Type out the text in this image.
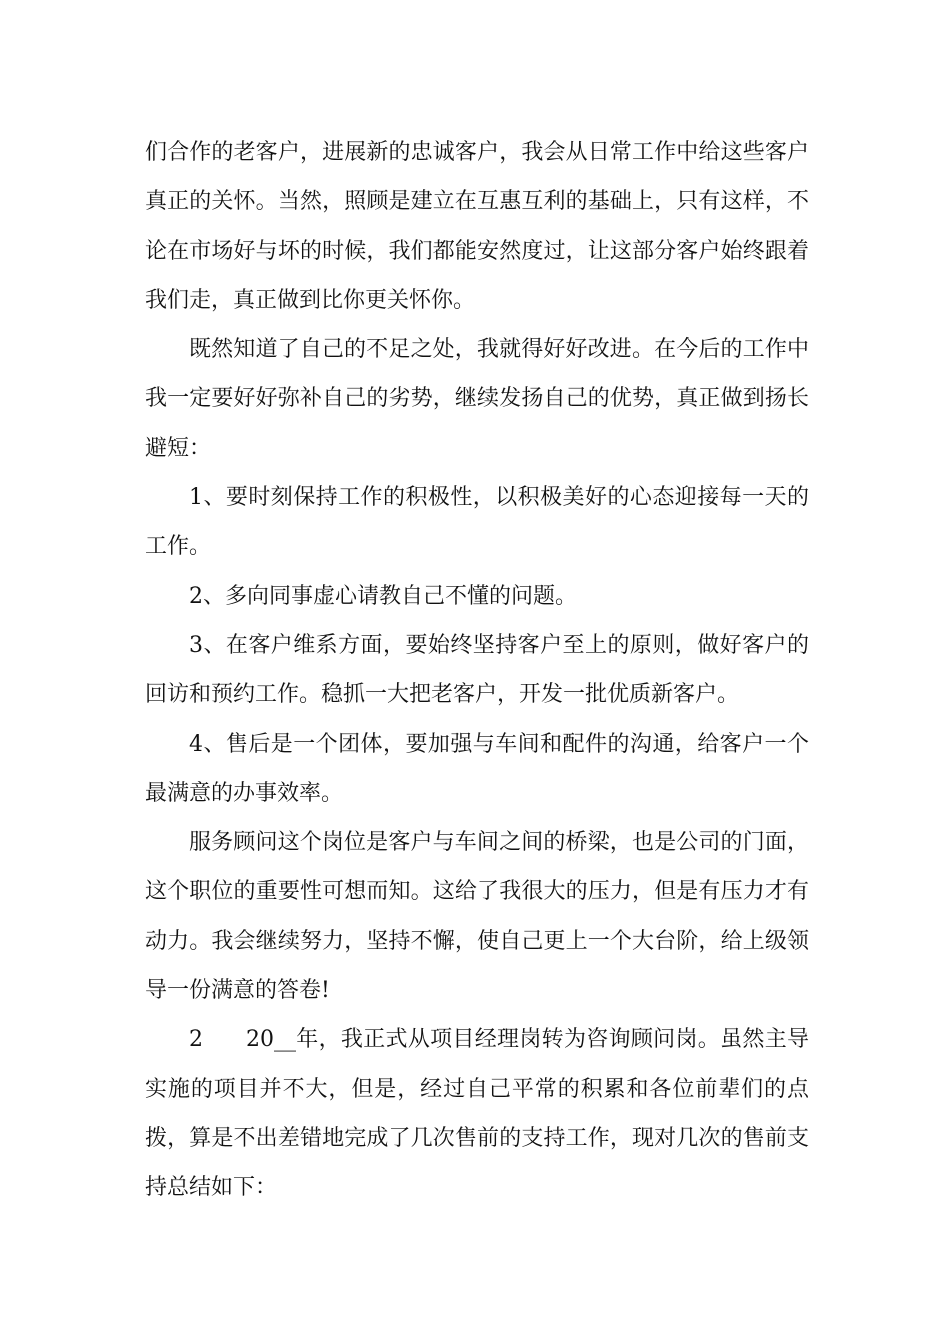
们合作的老客户，进展新的忠诚客户，我会从日常工作中给这些客户真正的关怀。当然，照顾是建立在互惠互利的基础上，只有这样，不论在市场好与坏的时候，我们都能安然度过，让这部分客户始终跟着我们走，真正做到比你更关怀你。

既然知道了自己的不足之处，我就得好好改进。在今后的工作中我一定要好好弥补自己的劣势，继续发扬自己的优势，真正做到扬长避短：

1、要时刻保持工作的积极性，以积极美好的心态迎接每一天的工作。

2、多向同事虚心请教自己不懂的问题。

3、在客户维系方面，要始终坚持客户至上的原则，做好客户的回访和预约工作。稳抓一大把老客户，开发一批优质新客户。

4、售后是一个团体，要加强与车间和配件的沟通，给客户一个最满意的办事效率。

服务顾问这个岗位是客户与车间之间的桥梁，也是公司的门面，这个职位的重要性可想而知。这给了我很大的压力，但是有压力才有动力。我会继续努力，坚持不懈，使自己更上一个大台阶，给上级领导一份满意的答卷!

2 20__年，我正式从项目经理岗转为咨询顾问岗。虽然主导实施的项目并不大，但是，经过自己平常的积累和各位前辈们的点拨，算是不出差错地完成了几次售前的支持工作，现对几次的售前支持总结如下：
